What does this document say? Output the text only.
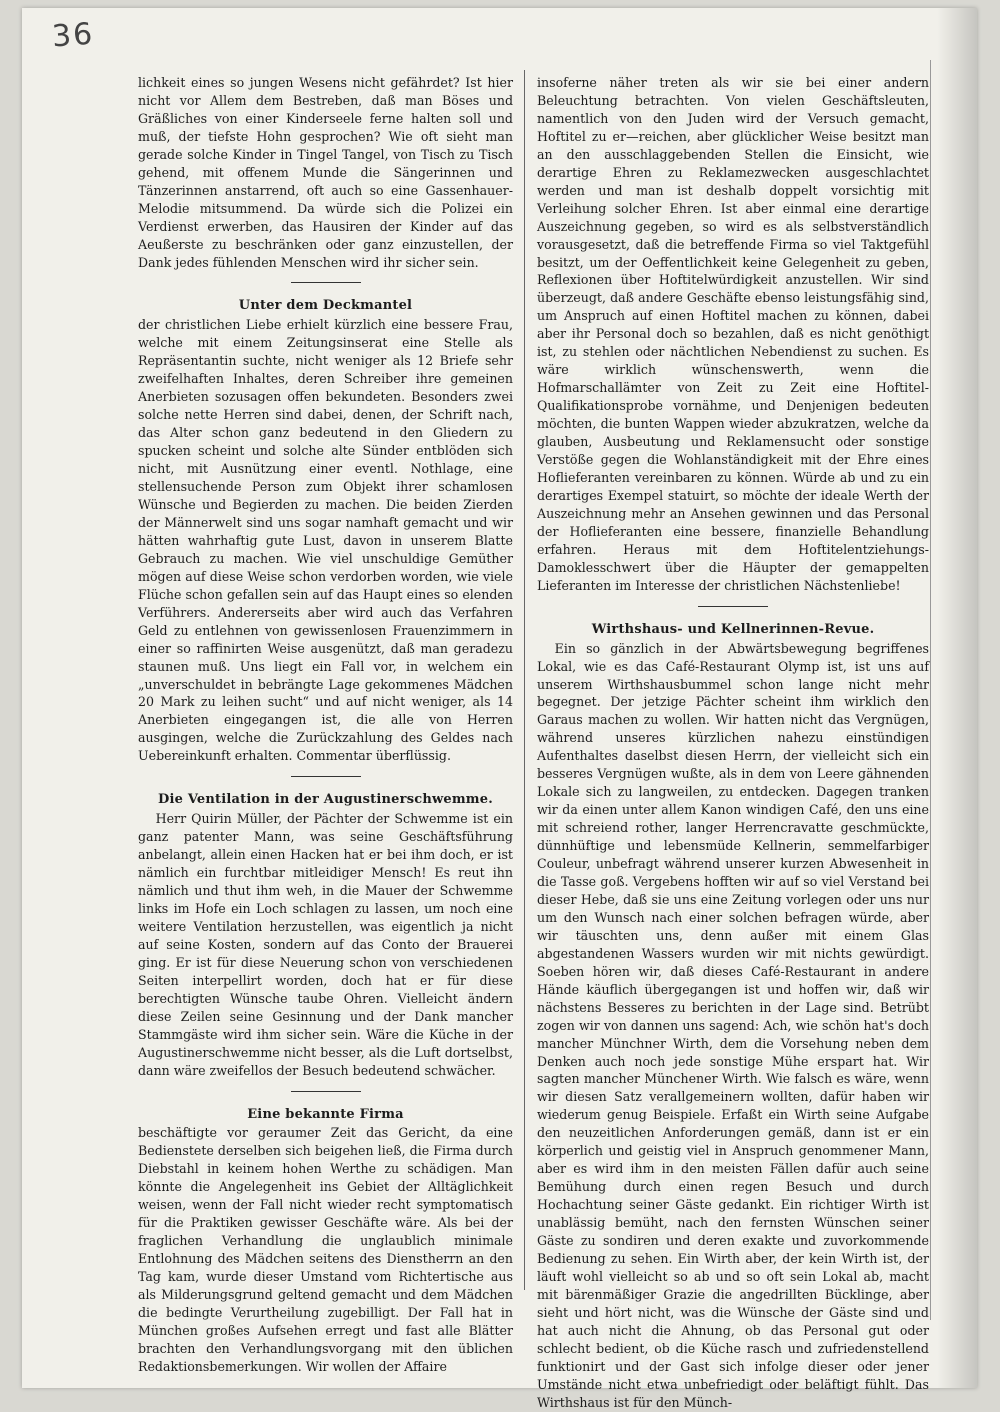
36

lichkeit eines so jungen Wesens nicht gefährdet? Ist hier nicht vor Allem dem Bestreben, daß man Böses und Gräßliches von einer Kinderseele ferne halten soll und muß, der tiefste Hohn gesprochen? Wie oft sieht man gerade solche Kinder in Tingel Tangel, von Tisch zu Tisch gehend, mit offenem Munde die Sängerinnen und Tänzerinnen anstarrend, oft auch so eine Gassenhauer-Melodie mitsummend. Da würde sich die Polizei ein Verdienst erwerben, das Hausiren der Kinder auf das Aeußerste zu beschränken oder ganz einzustellen, der Dank jedes fühlenden Menschen wird ihr sicher sein.

Unter dem Deckmantel

der christlichen Liebe erhielt kürzlich eine bessere Frau, welche mit einem Zeitungsinserat eine Stelle als Repräsentantin suchte, nicht weniger als 12 Briefe sehr zweifelhaften Inhaltes, deren Schreiber ihre gemeinen Anerbieten sozusagen offen bekundeten. Besonders zwei solche nette Herren sind dabei, denen, der Schrift nach, das Alter schon ganz bedeutend in den Gliedern zu spucken scheint und solche alte Sünder entblöden sich nicht, mit Ausnützung einer eventl. Nothlage, eine stellensuchende Person zum Objekt ihrer schamlosen Wünsche und Begierden zu machen. Die beiden Zierden der Männerwelt sind uns sogar namhaft gemacht und wir hätten wahrhaftig gute Lust, davon in unserem Blatte Gebrauch zu machen. Wie viel unschuldige Gemüther mögen auf diese Weise schon verdorben worden, wie viele Flüche schon gefallen sein auf das Haupt eines so elenden Verführers. Andererseits aber wird auch das Verfahren Geld zu entlehnen von gewissenlosen Frauenzimmern in einer so raffinirten Weise ausgenützt, daß man geradezu staunen muß. Uns liegt ein Fall vor, in welchem ein „unverschuldet in bebrängte Lage gekommenes Mädchen 20 Mark zu leihen sucht“ und auf nicht weniger, als 14 Anerbieten eingegangen ist, die alle von Herren ausgingen, welche die Zurückzahlung des Geldes nach Uebereinkunft erhalten. Commentar überflüssig.

Die Ventilation in der Augustinerschwemme.

Herr Quirin Müller, der Pächter der Schwemme ist ein ganz patenter Mann, was seine Geschäftsführung anbelangt, allein einen Hacken hat er bei ihm doch, er ist nämlich ein furchtbar mitleidiger Mensch! Es reut ihn nämlich und thut ihm weh, in die Mauer der Schwemme links im Hofe ein Loch schlagen zu lassen, um noch eine weitere Ventilation herzustellen, was eigentlich ja nicht auf seine Kosten, sondern auf das Conto der Brauerei ging. Er ist für diese Neuerung schon von verschiedenen Seiten interpellirt worden, doch hat er für diese berechtigten Wünsche taube Ohren. Vielleicht ändern diese Zeilen seine Gesinnung und der Dank mancher Stammgäste wird ihm sicher sein. Wäre die Küche in der Augustinerschwemme nicht besser, als die Luft dortselbst, dann wäre zweifellos der Besuch bedeutend schwächer.

Eine bekannte Firma

beschäftigte vor geraumer Zeit das Gericht, da eine Bedienstete derselben sich beigehen ließ, die Firma durch Diebstahl in keinem hohen Werthe zu schädigen. Man könnte die Angelegenheit ins Gebiet der Alltäglichkeit weisen, wenn der Fall nicht wieder recht symptomatisch für die Praktiken gewisser Geschäfte wäre. Als bei der fraglichen Verhandlung die unglaublich minimale Entlohnung des Mädchen seitens des Dienstherrn an den Tag kam, wurde dieser Umstand vom Richtertische aus als Milderungsgrund geltend gemacht und dem Mädchen die bedingte Verurtheilung zugebilligt. Der Fall hat in München großes Aufsehen erregt und fast alle Blätter brachten den Verhandlungsvorgang mit den üblichen Redaktionsbemerkungen. Wir wollen der Affaire

insoferne näher treten als wir sie bei einer andern Beleuchtung betrachten. Von vielen Geschäftsleuten, namentlich von den Juden wird der Versuch gemacht, Hoftitel zu er—reichen, aber glücklicher Weise besitzt man an den ausschlaggebenden Stellen die Einsicht, wie derartige Ehren zu Reklamezwecken ausgeschlachtet werden und man ist deshalb doppelt vorsichtig mit Verleihung solcher Ehren. Ist aber einmal eine derartige Auszeichnung gegeben, so wird es als selbstverständlich vorausgesetzt, daß die betreffende Firma so viel Taktgefühl besitzt, um der Oeffentlichkeit keine Gelegenheit zu geben, Reflexionen über Hoftitelwürdigkeit anzustellen. Wir sind überzeugt, daß andere Geschäfte ebenso leistungsfähig sind, um Anspruch auf einen Hoftitel machen zu können, dabei aber ihr Personal doch so bezahlen, daß es nicht genöthigt ist, zu stehlen oder nächtlichen Nebendienst zu suchen. Es wäre wirklich wünschenswerth, wenn die Hofmarschallämter von Zeit zu Zeit eine Hoftitel-Qualifikationsprobe vornähme, und Denjenigen bedeuten möchten, die bunten Wappen wieder abzukratzen, welche da glauben, Ausbeutung und Reklamensucht oder sonstige Verstöße gegen die Wohlanständigkeit mit der Ehre eines Hoflieferanten vereinbaren zu können. Würde ab und zu ein derartiges Exempel statuirt, so möchte der ideale Werth der Auszeichnung mehr an Ansehen gewinnen und das Personal der Hoflieferanten eine bessere, finanzielle Behandlung erfahren. Heraus mit dem Hoftitelentziehungs-Damoklesschwert über die Häupter der gemappelten Lieferanten im Interesse der christlichen Nächstenliebe!

Wirthshaus- und Kellnerinnen-Revue.

Ein so gänzlich in der Abwärtsbewegung begriffenes Lokal, wie es das Café-Restaurant Olymp ist, ist uns auf unserem Wirthshausbummel schon lange nicht mehr begegnet. Der jetzige Pächter scheint ihm wirklich den Garaus machen zu wollen. Wir hatten nicht das Vergnügen, während unseres kürzlichen nahezu einstündigen Aufenthaltes daselbst diesen Herrn, der vielleicht sich ein besseres Vergnügen wußte, als in dem von Leere gähnenden Lokale sich zu langweilen, zu entdecken. Dagegen tranken wir da einen unter allem Kanon windigen Café, den uns eine mit schreiend rother, langer Herrencravatte geschmückte, dünnhüftige und lebensmüde Kellnerin, semmelfarbiger Couleur, unbefragt während unserer kurzen Abwesenheit in die Tasse goß. Vergebens hofften wir auf so viel Verstand bei dieser Hebe, daß sie uns eine Zeitung vorlegen oder uns nur um den Wunsch nach einer solchen befragen würde, aber wir täuschten uns, denn außer mit einem Glas abgestandenen Wassers wurden wir mit nichts gewürdigt. Soeben hören wir, daß dieses Café-Restaurant in andere Hände käuflich übergegangen ist und hoffen wir, daß wir nächstens Besseres zu berichten in der Lage sind. Betrübt zogen wir von dannen uns sagend: Ach, wie schön hat's doch mancher Münchner Wirth, dem die Vorsehung neben dem Denken auch noch jede sonstige Mühe erspart hat. Wir sagten mancher Münchener Wirth. Wie falsch es wäre, wenn wir diesen Satz verallgemeinern wollten, dafür haben wir wiederum genug Beispiele. Erfaßt ein Wirth seine Aufgabe den neuzeitlichen Anforderungen gemäß, dann ist er ein körperlich und geistig viel in Anspruch genommener Mann, aber es wird ihm in den meisten Fällen dafür auch seine Bemühung durch einen regen Besuch und durch Hochachtung seiner Gäste gedankt. Ein richtiger Wirth ist unablässig bemüht, nach den fernsten Wünschen seiner Gäste zu sondiren und deren exakte und zuvorkommende Bedienung zu sehen. Ein Wirth aber, der kein Wirth ist, der läuft wohl vielleicht so ab und so oft sein Lokal ab, macht mit bärenmäßiger Grazie die angedrillten Bücklinge, aber sieht und hört nicht, was die Wünsche der Gäste sind und hat auch nicht die Ahnung, ob das Personal gut oder schlecht bedient, ob die Küche rasch und zufriedenstellend funktionirt und der Gast sich infolge dieser oder jener Umstände nicht etwa unbefriedigt oder beläftigt fühlt. Das Wirthshaus ist für den Münch-
